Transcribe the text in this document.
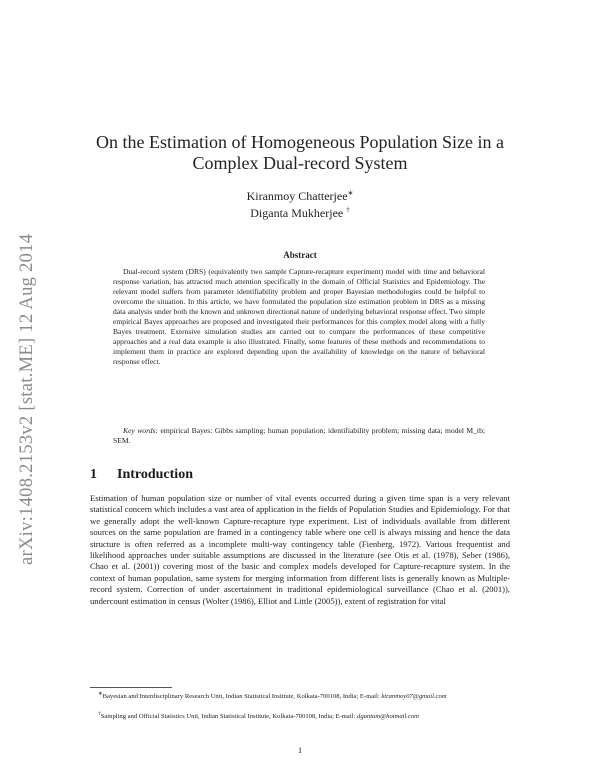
arXiv:1408.2153v2 [stat.ME] 12 Aug 2014
On the Estimation of Homogeneous Population Size in a Complex Dual-record System
Kiranmoy Chatterjee∗
Diganta Mukherjee †
Abstract

Dual-record system (DRS) (equivalently two sample Capture-recapture experiment) model with time and behavioral response variation, has attracted much attention specifically in the domain of Official Statistics and Epidemiology. The relevant model suffers from parameter identifiability problem and proper Bayesian methodologies could be helpful to overcome the situation. In this article, we have formulated the population size estimation problem in DRS as a missing data analysis under both the known and unknown directional nature of underlying behavioral response effect. Two simple empirical Bayes approaches are proposed and investigated their performances for this complex model along with a fully Bayes treatment. Extensive simulation studies are carried out to compare the performances of these competitive approaches and a real data example is also illustrated. Finally, some features of these methods and recommendations to implement them in practice are explored depending upon the availability of knowledge on the nature of behavioral response effect.

Key words: empirical Bayes: Gibbs sampling; human population; identifiability problem; missing data; model M_tb; SEM.

1 Introduction

Estimation of human population size or number of vital events occurred during a given time span is a very relevant statistical concern which includes a vast area of application in the fields of Population Studies and Epidemiology. For that we generally adopt the well-known Capture-recapture type experiment. List of individuals available from different sources on the same population are framed in a contingency table where one cell is always missing and hence the data structure is often referred as a incomplete multi-way contingency table (Fienberg, 1972). Various frequentist and likelihood approaches under suitable assumptions are discussed in the literature (see Otis et al. (1978), Seber (1986), Chao et al. (2001)) covering most of the basic and complex models developed for Capture-recapture system. In the context of human population, same system for merging information from different lists is generally known as Multiple-record system. Correction of under ascertainment in traditional epidemiological surveillance (Chao et al. (2001)), undercount estimation in census (Wolter (1986), Elliot and Little (2005)), extent of registration for vital

∗Bayesian and Interdisciplinary Research Unit, Indian Statistical Institute, Kolkata-700108, India; E-mail: kiranmoy07@gmail.com

†Sampling and Official Statistics Unit, Indian Statistical Institute, Kolkata-700108, India; E-mail: dgantam@hotmail.com

1
